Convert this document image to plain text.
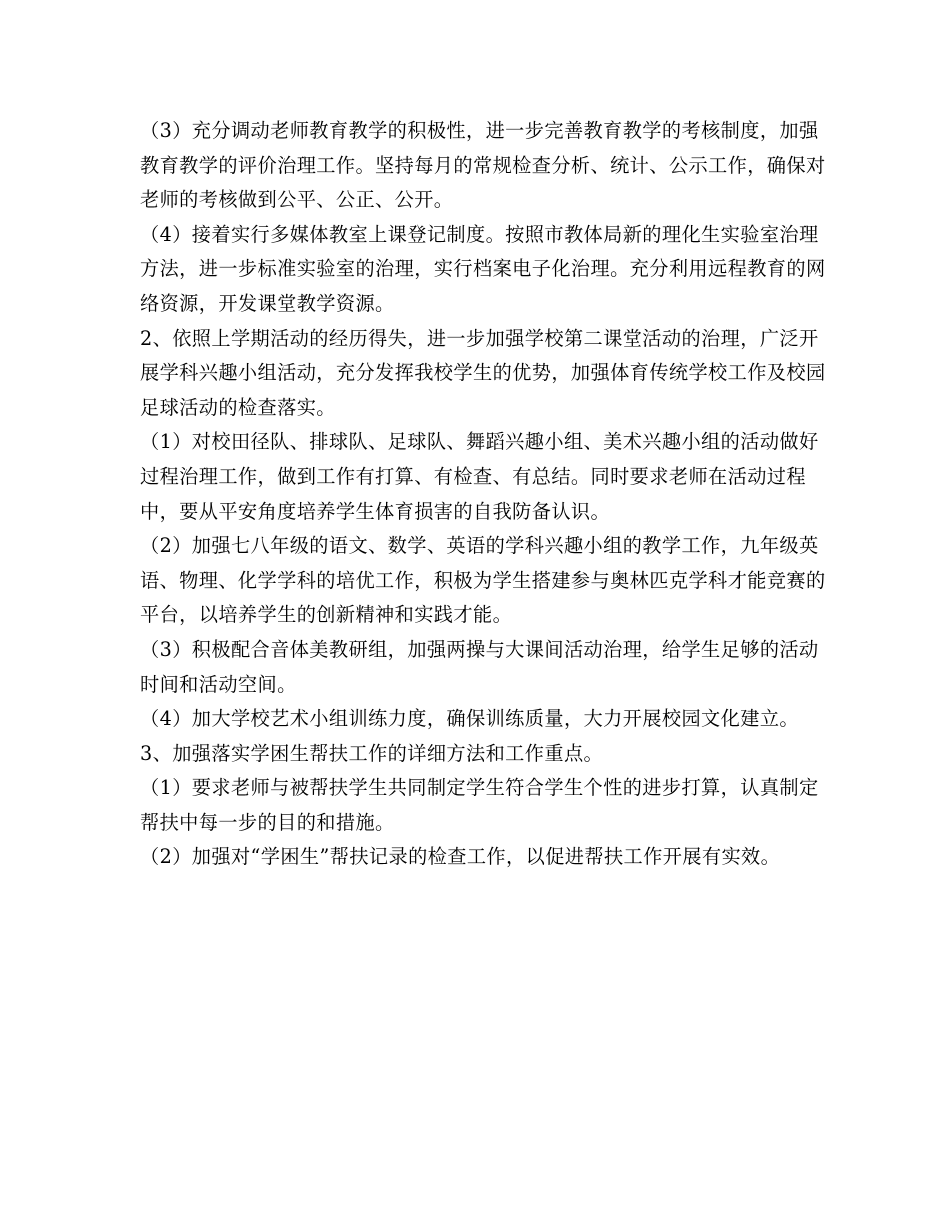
（3）充分调动老师教育教学的积极性，进一步完善教育教学的考核制度，加强教育教学的评价治理工作。坚持每月的常规检查分析、统计、公示工作，确保对老师的考核做到公平、公正、公开。

（4）接着实行多媒体教室上课登记制度。按照市教体局新的理化生实验室治理方法，进一步标准实验室的治理，实行档案电子化治理。充分利用远程教育的网络资源，开发课堂教学资源。

2、依照上学期活动的经历得失，进一步加强学校第二课堂活动的治理，广泛开展学科兴趣小组活动，充分发挥我校学生的优势，加强体育传统学校工作及校园足球活动的检查落实。

（1）对校田径队、排球队、足球队、舞蹈兴趣小组、美术兴趣小组的活动做好过程治理工作，做到工作有打算、有检查、有总结。同时要求老师在活动过程中，要从平安角度培养学生体育损害的自我防备认识。

（2）加强七八年级的语文、数学、英语的学科兴趣小组的教学工作，九年级英语、物理、化学学科的培优工作，积极为学生搭建参与奥林匹克学科才能竞赛的平台，以培养学生的创新精神和实践才能。

（3）积极配合音体美教研组，加强两操与大课间活动治理，给学生足够的活动时间和活动空间。

（4）加大学校艺术小组训练力度，确保训练质量，大力开展校园文化建立。

3、加强落实学困生帮扶工作的详细方法和工作重点。

（1）要求老师与被帮扶学生共同制定学生符合学生个性的进步打算，认真制定帮扶中每一步的目的和措施。

（2）加强对“学困生”帮扶记录的检查工作，以促进帮扶工作开展有实效。
